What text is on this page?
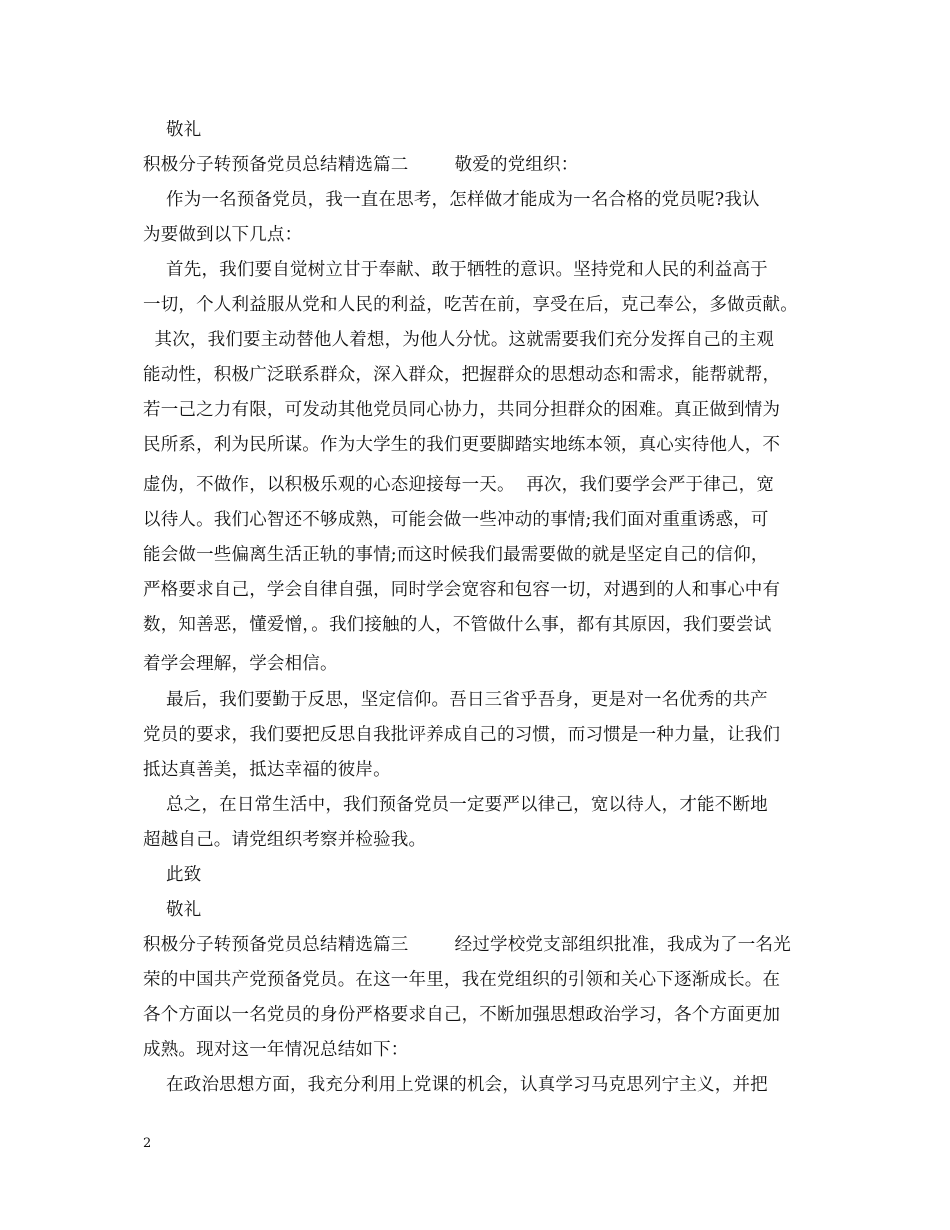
敬礼
积极分子转预备党员总结精选篇二        敬爱的党组织：
作为一名预备党员，我一直在思考，怎样做才能成为一名合格的党员呢?我认
为要做到以下几点：
首先，我们要自觉树立甘于奉献、敢于牺牲的意识。坚持党和人民的利益高于
一切，个人利益服从党和人民的利益，吃苦在前，享受在后，克己奉公，多做贡献。
其次，我们要主动替他人着想，为他人分忧。这就需要我们充分发挥自己的主观
能动性，积极广泛联系群众，深入群众，把握群众的思想动态和需求，能帮就帮，
若一己之力有限，可发动其他党员同心协力，共同分担群众的困难。真正做到情为
民所系，利为民所谋。作为大学生的我们更要脚踏实地练本领，真心实待他人，不
虚伪，不做作，以积极乐观的心态迎接每一天。  再次，我们要学会严于律己，宽
以待人。我们心智还不够成熟，可能会做一些冲动的事情;我们面对重重诱惑，可
能会做一些偏离生活正轨的事情;而这时候我们最需要做的就是坚定自己的信仰，
严格要求自己，学会自律自强，同时学会宽容和包容一切，对遇到的人和事心中有
数，知善恶，懂爱憎，。我们接触的人，不管做什么事，都有其原因，我们要尝试
着学会理解，学会相信。
最后，我们要勤于反思，坚定信仰。吾日三省乎吾身，更是对一名优秀的共产
党员的要求，我们要把反思自我批评养成自己的习惯，而习惯是一种力量，让我们
抵达真善美，抵达幸福的彼岸。
总之，在日常生活中，我们预备党员一定要严以律己，宽以待人，才能不断地
超越自己。请党组织考察并检验我。
此致
敬礼
积极分子转预备党员总结精选篇三        经过学校党支部组织批准，我成为了一名光
荣的中国共产党预备党员。在这一年里，我在党组织的引领和关心下逐渐成长。在
各个方面以一名党员的身份严格要求自己，不断加强思想政治学习，各个方面更加
成熟。现对这一年情况总结如下：
在政治思想方面，我充分利用上党课的机会，认真学习马克思列宁主义，并把
2
